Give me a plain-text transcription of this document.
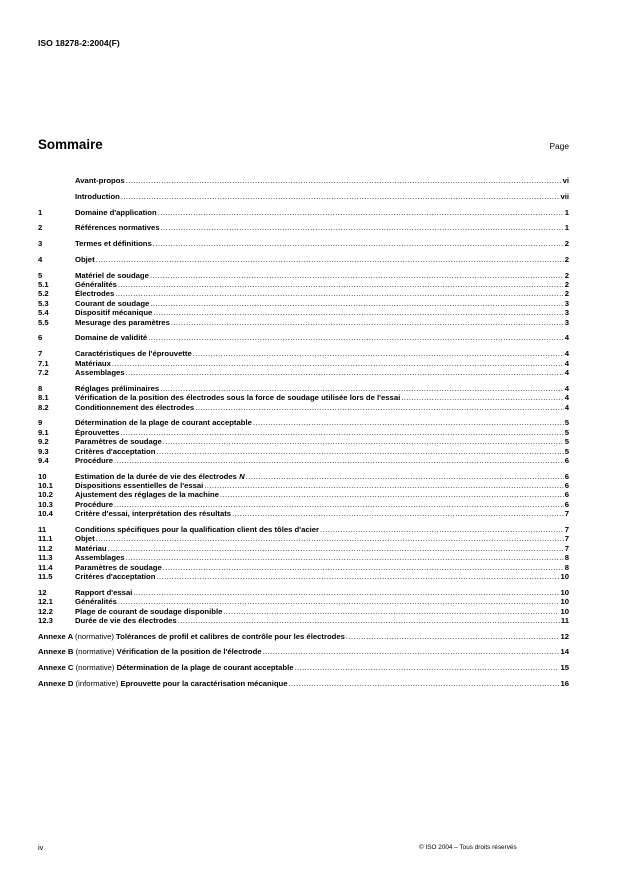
ISO 18278-2:2004(F)
Sommaire	Page
Avant-propos .....	vi
Introduction .....	vii
1	Domaine d'application .....	1
2	Références normatives .....	1
3	Termes et définitions .....	2
4	Objet .....	2
5	Matériel de soudage .....	2
5.1	Généralités .....	2
5.2	Électrodes .....	2
5.3	Courant de soudage .....	3
5.4	Dispositif mécanique .....	3
5.5	Mesurage des paramètres .....	3
6	Domaine de validité .....	4
7	Caractéristiques de l'éprouvette .....	4
7.1	Matériaux .....	4
7.2	Assemblages .....	4
8	Réglages préliminaires .....	4
8.1	Vérification de la position des électrodes sous la force de soudage utilisée lors de l'essai .....	4
8.2	Conditionnement des électrodes .....	4
9	Détermination de la plage de courant acceptable .....	5
9.1	Éprouvettes .....	5
9.2	Paramètres de soudage .....	5
9.3	Critères d'acceptation .....	5
9.4	Procédure .....	6
10	Estimation de la durée de vie des électrodes N .....	6
10.1	Dispositions essentielles de l'essai .....	6
10.2	Ajustement des réglages de la machine .....	6
10.3	Procédure .....	6
10.4	Critère d'essai, interprétation des résultats .....	7
11	Conditions spécifiques pour la qualification client des tôles d'acier .....	7
11.1	Objet .....	7
11.2	Matériau .....	7
11.3	Assemblages .....	8
11.4	Paramètres de soudage .....	8
11.5	Critères d'acceptation .....	10
12	Rapport d'essai .....	10
12.1	Généralités .....	10
12.2	Plage de courant de soudage disponible .....	10
12.3	Durée de vie des électrodes .....	11
Annexe A (normative) Tolérances de profil et calibres de contrôle pour les électrodes .....	12
Annexe B (normative) Vérification de la position de l'électrode .....	14
Annexe C (normative) Détermination de la plage de courant acceptable .....	15
Annexe D (informative) Eprouvette pour la caractérisation mécanique .....	16
iv	© ISO 2004 – Tous droits réservés
